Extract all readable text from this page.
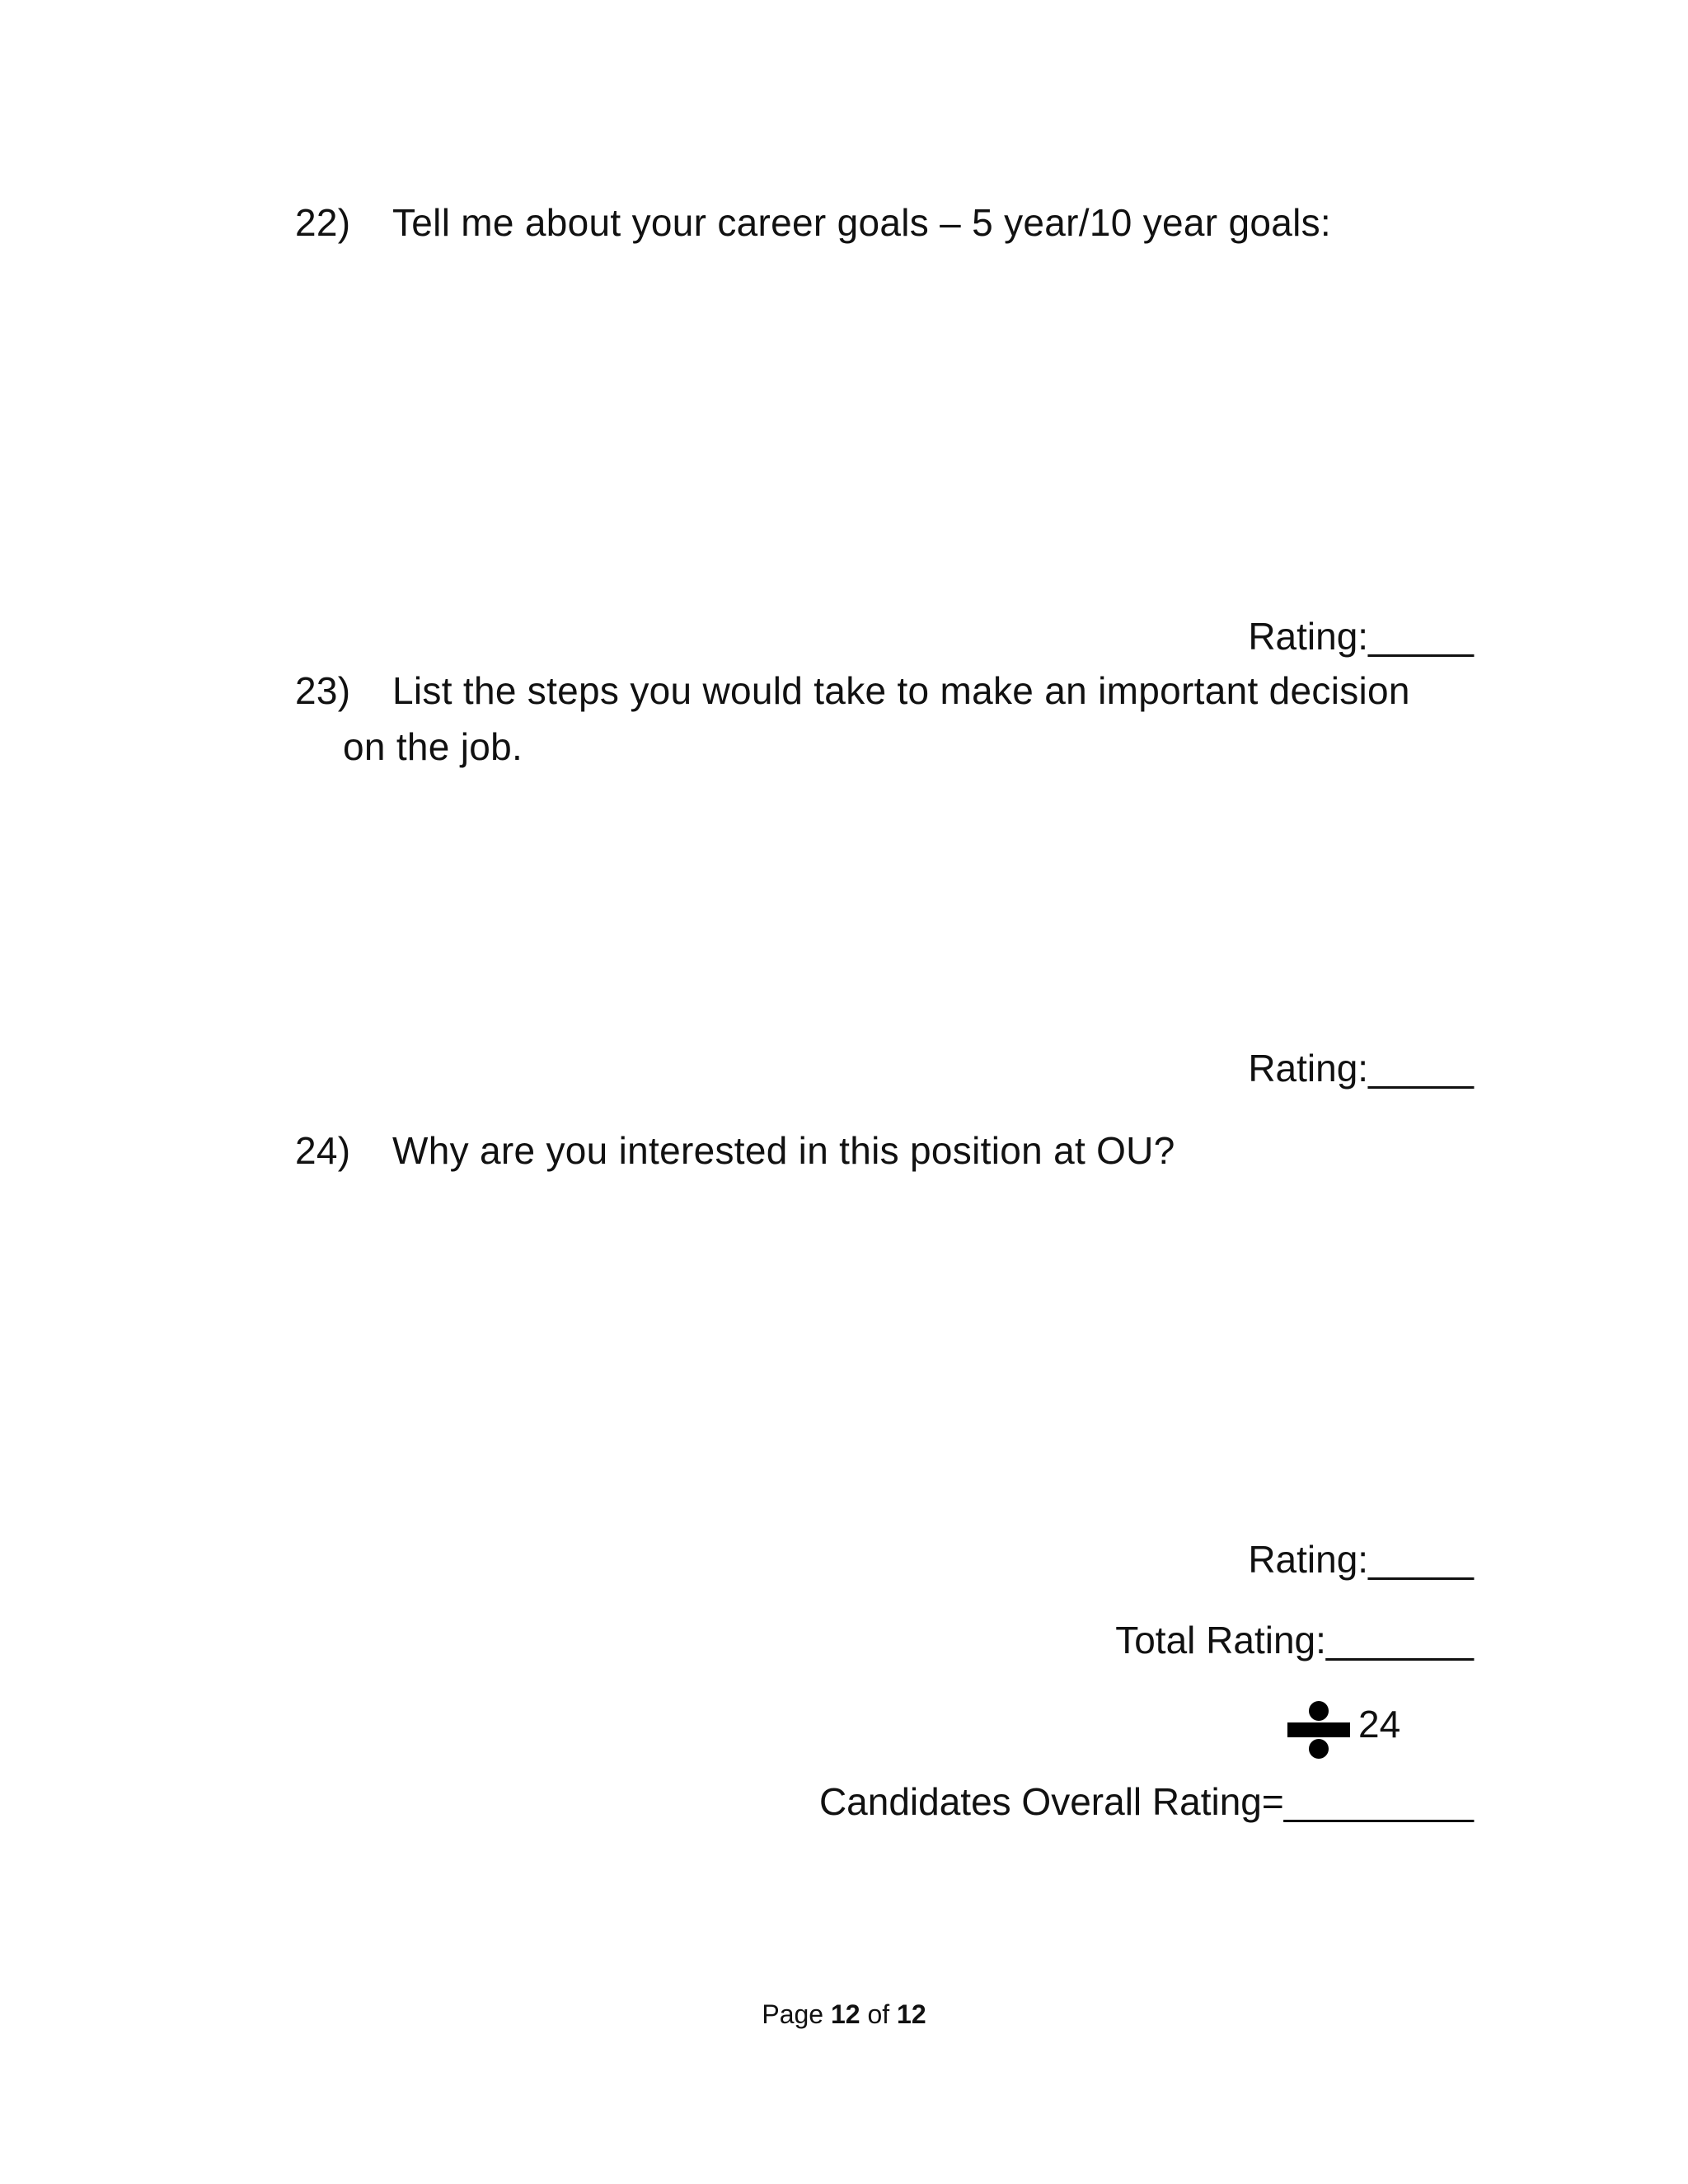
22) Tell me about your career goals – 5 year/10 year goals:
Rating:_____
23) List the steps you would take to make an important decision
on the job.
Rating:_____
24) Why are you interested in this position at OU?
Rating:_____
Total Rating:_______
24
Candidates Overall Rating=_________
Page 12 of 12
